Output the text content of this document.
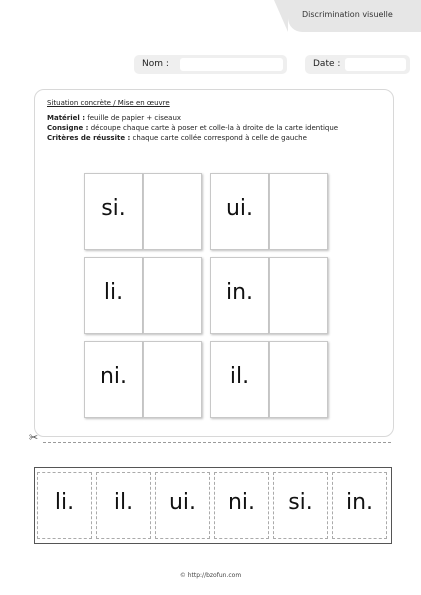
Discrimination visuelle
Nom :	Date :
Situation concrète / Mise en œuvre
Matériel : feuille de papier + ciseaux
Consigne : découpe chaque carte à poser et colle-la à droite de la carte identique
Critères de réussite : chaque carte collée correspond à celle de gauche
si.	ui.
li.	in.
ni.	il.
✂
li.	il.	ui.	ni.	si.	in.
© http://bzofun.com
